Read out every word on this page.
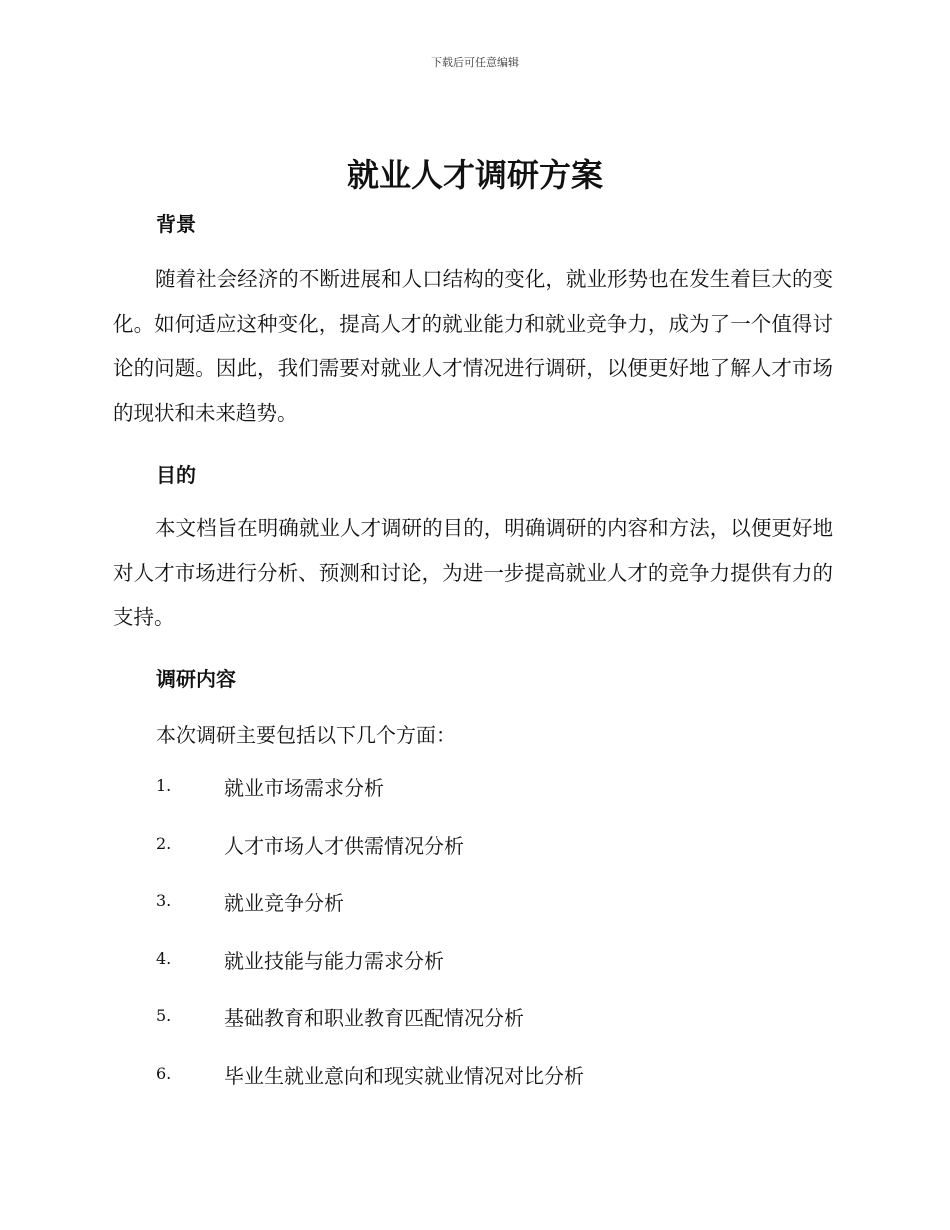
下载后可任意编辑
就业人才调研方案
背景

随着社会经济的不断进展和人口结构的变化，就业形势也在发生着巨大的变化。如何适应这种变化，提高人才的就业能力和就业竞争力，成为了一个值得讨论的问题。因此，我们需要对就业人才情况进行调研，以便更好地了解人才市场的现状和未来趋势。

目的

本文档旨在明确就业人才调研的目的，明确调研的内容和方法，以便更好地对人才市场进行分析、预测和讨论，为进一步提高就业人才的竞争力提供有力的支持。

调研内容

本次调研主要包括以下几个方面：

1.	就业市场需求分析
2.	人才市场人才供需情况分析
3.	就业竞争分析
4.	就业技能与能力需求分析
5.	基础教育和职业教育匹配情况分析
6.	毕业生就业意向和现实就业情况对比分析
